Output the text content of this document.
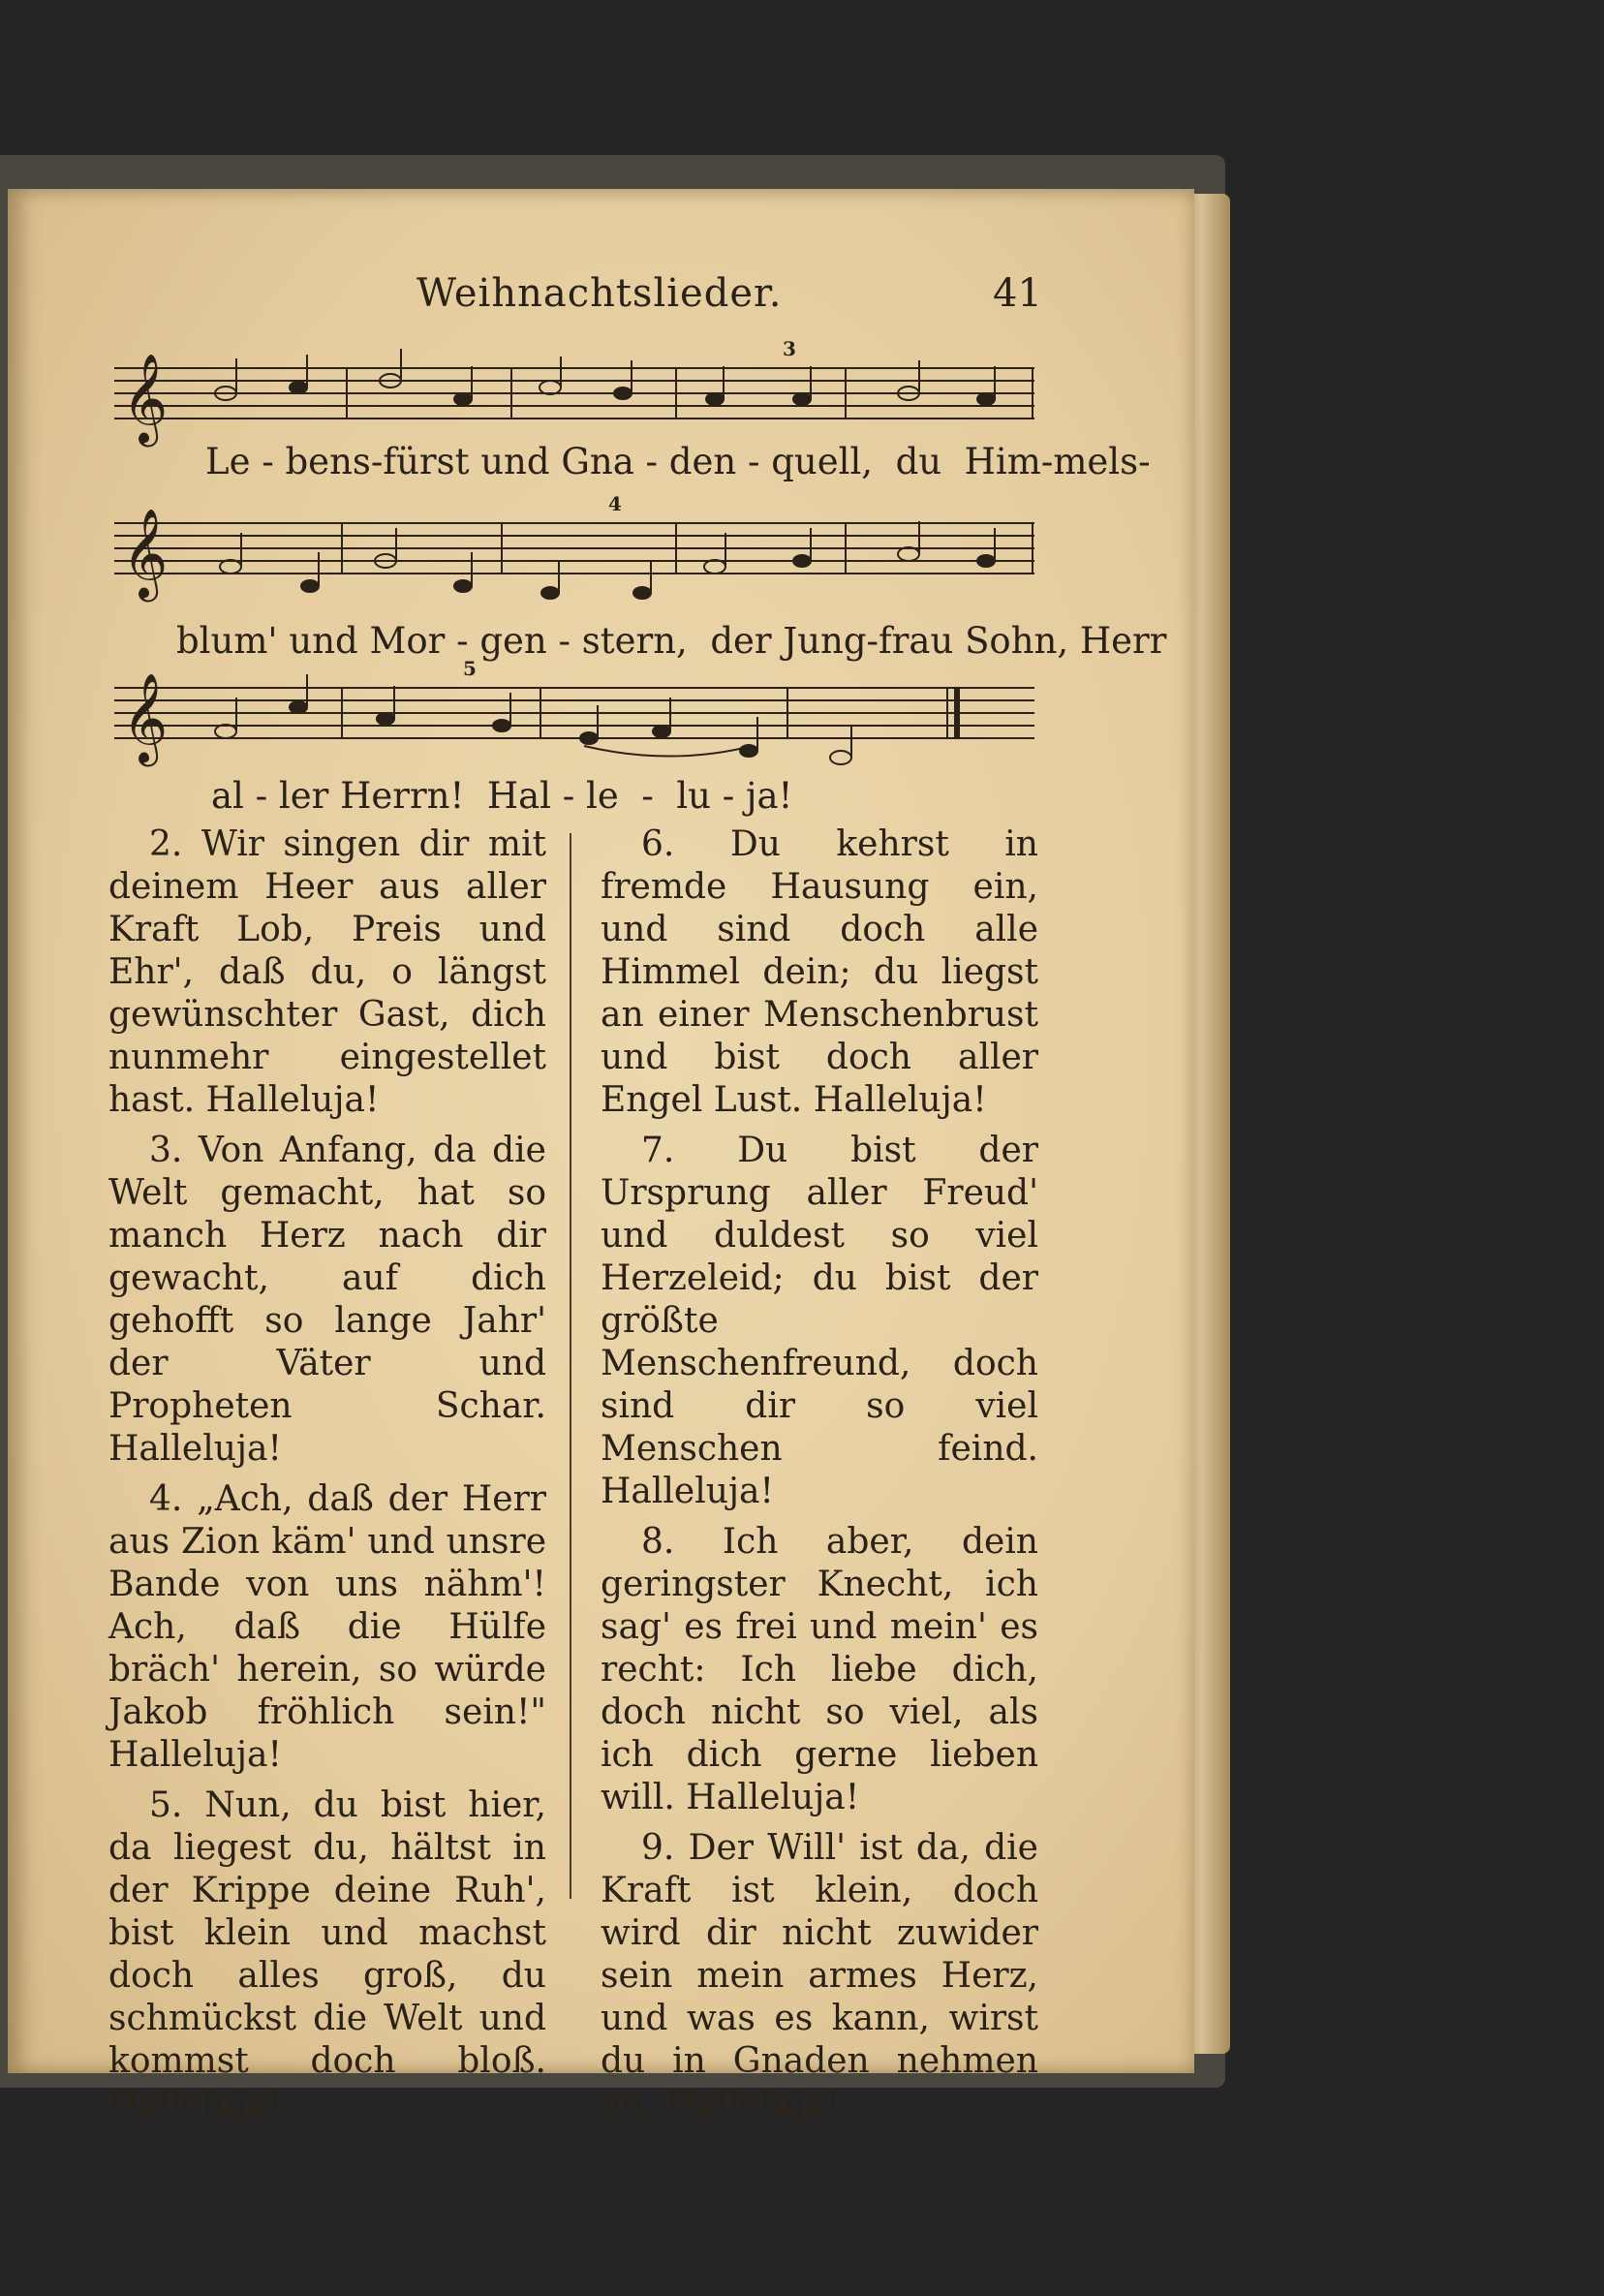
Weihnachtslieder.	41
𝄞
3
Le - bens-fürst und Gna - den - quell,  du  Him-mels-
𝄞
4
blum' und Mor - gen - stern,  der Jung-frau Sohn, Herr
𝄞
5
al - ler Herrn!  Hal - le  -  lu - ja!

2. Wir singen dir mit deinem Heer aus aller Kraft Lob, Preis und Ehr', daß du, o längst gewünschter Gast, dich nunmehr eingestellet hast. Halleluja!

3. Von Anfang, da die Welt gemacht, hat so manch Herz nach dir gewacht, auf dich gehofft so lange Jahr' der Väter und Propheten Schar. Halleluja!

4. „Ach, daß der Herr aus Zion käm' und unsre Bande von uns nähm'! Ach, daß die Hülfe bräch' herein, so würde Jakob fröhlich sein!" Halleluja!

5. Nun, du bist hier, da liegest du, hältst in der Krippe deine Ruh', bist klein und machst doch alles groß, du schmückst die Welt und kommst doch bloß. Halleluja!

6. Du kehrst in fremde Hausung ein, und sind doch alle Himmel dein; du liegst an einer Menschenbrust und bist doch aller Engel Lust. Halleluja!

7. Du bist der Ursprung aller Freud' und duldest so viel Herzeleid; du bist der größte Menschenfreund, doch sind dir so viel Menschen feind. Halleluja!

8. Ich aber, dein geringster Knecht, ich sag' es frei und mein' es recht: Ich liebe dich, doch nicht so viel, als ich dich gerne lieben will. Halleluja!

9. Der Will' ist da, die Kraft ist klein, doch wird dir nicht zuwider sein mein armes Herz, und was es kann, wirst du in Gnaden nehmen an. Halleluja!
